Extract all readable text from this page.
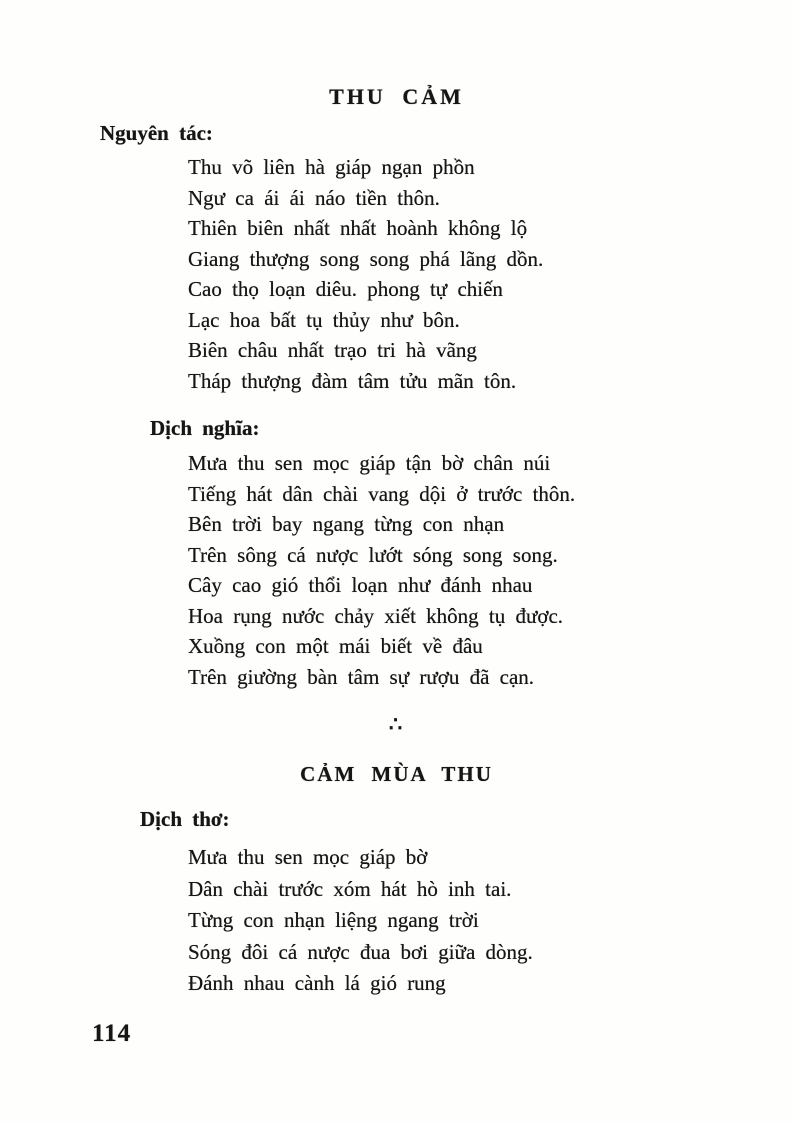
THU CẢM
Nguyên tác:
Thu võ liên hà giáp ngạn phồn
Ngư ca ái ái náo tiền thôn.
Thiên biên nhất nhất hoành không lộ
Giang thượng song song phá lãng dồn.
Cao thọ loạn diêu. phong tự chiến
Lạc hoa bất tụ thủy như bôn.
Biên châu nhất trạo tri hà vãng
Tháp thượng đàm tâm tửu mãn tôn.
Dịch nghĩa:
Mưa thu sen mọc giáp tận bờ chân núi
Tiếng hát dân chài vang dội ở trước thôn.
Bên trời bay ngang từng con nhạn
Trên sông cá nược lướt sóng song song.
Cây cao gió thổi loạn như đánh nhau
Hoa rụng nước chảy xiết không tụ được.
Xuồng con một mái biết về đâu
Trên giường bàn tâm sự rượu đã cạn.
∴
CẢM MÙA THU
Dịch thơ:
Mưa thu sen mọc giáp bờ
Dân chài trước xóm hát hò inh tai.
Từng con nhạn liệng ngang trời
Sóng đôi cá nược đua bơi giữa dòng.
Đánh nhau cành lá gió rung
114
